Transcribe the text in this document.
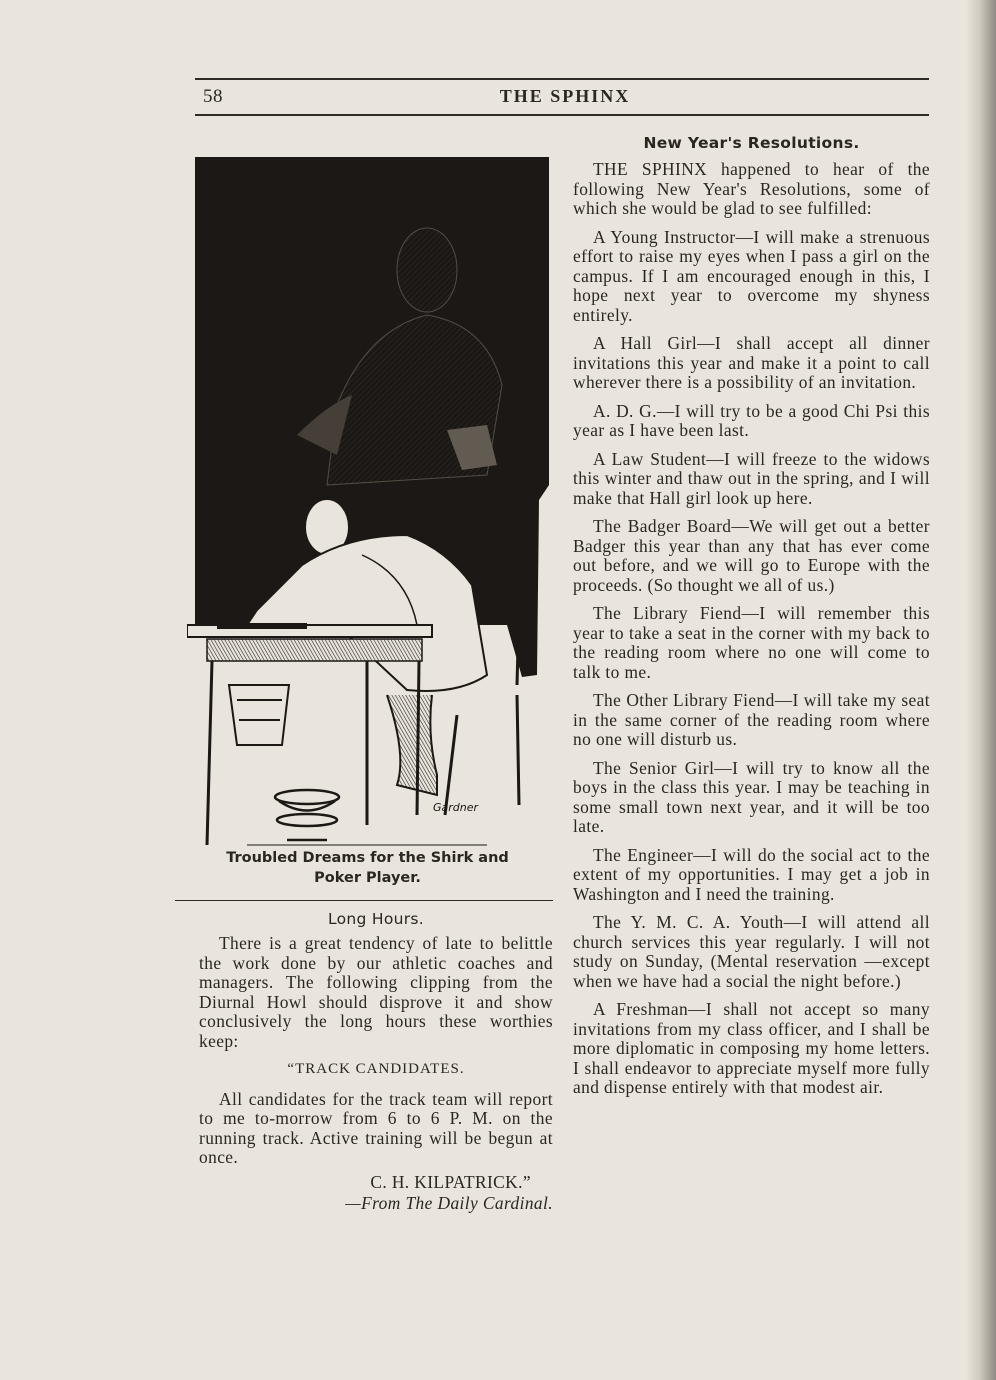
58	THE SPHINX
Gardner
Troubled Dreams for the Shirk and
Poker Player.
Long Hours.

There is a great tendency of late to belittle the work done by our athletic coaches and managers. The following clipping from the Diurnal Howl should disprove it and show conclusively the long hours these worthies keep:

“TRACK CANDIDATES.

All candidates for the track team will report to me to-morrow from 6 to 6 P. M. on the running track. Active training will be begun at once.

C. H. KILPATRICK.”

—From The Daily Cardinal.

New Year's Resolutions.

THE SPHINX happened to hear of the following New Year's Resolutions, some of which she would be glad to see fulfilled:

A Young Instructor—I will make a strenuous effort to raise my eyes when I pass a girl on the campus. If I am encouraged enough in this, I hope next year to overcome my shyness entirely.

A Hall Girl—I shall accept all dinner invitations this year and make it a point to call wherever there is a possibility of an invitation.

A. D. G.—I will try to be a good Chi Psi this year as I have been last.

A Law Student—I will freeze to the widows this winter and thaw out in the spring, and I will make that Hall girl look up here.

The Badger Board—We will get out a better Badger this year than any that has ever come out before, and we will go to Europe with the proceeds. (So thought we all of us.)

The Library Fiend—I will remember this year to take a seat in the corner with my back to the reading room where no one will come to talk to me.

The Other Library Fiend—I will take my seat in the same corner of the reading room where no one will disturb us.

The Senior Girl—I will try to know all the boys in the class this year. I may be teaching in some small town next year, and it will be too late.

The Engineer—I will do the social act to the extent of my opportunities. I may get a job in Washington and I need the training.

The Y. M. C. A. Youth—I will attend all church services this year regularly. I will not study on Sunday, (Mental reservation —except when we have had a social the night before.)

A Freshman—I shall not accept so many invitations from my class officer, and I shall be more diplomatic in composing my home letters. I shall endeavor to appreciate myself more fully and dispense entirely with that modest air.
